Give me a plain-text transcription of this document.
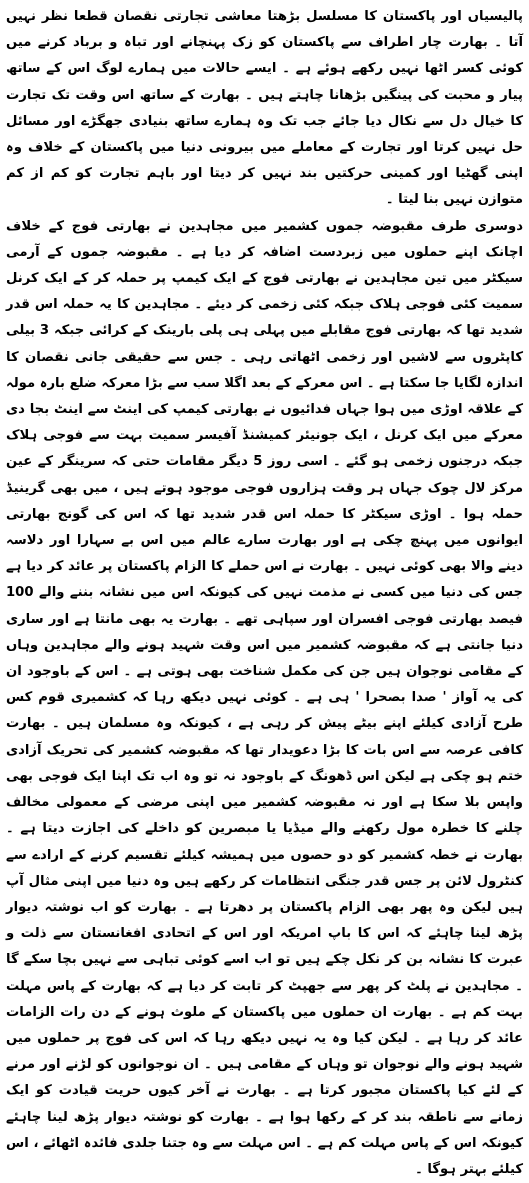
پالیسیاں اور پاکستان کا مسلسل بڑھتا معاشی تجارتی نقصان قطعا نظر نہیں آتا ۔ بھارت چار اطراف سے پاکستان کو زک پہنچانے اور تباہ و برباد کرنے میں کوئی کسر اٹھا نہیں رکھے ہوئے ہے ۔ ایسے حالات میں ہمارے لوگ اس کے ساتھ پیار و محبت کی پینگیں بڑھانا چاہتے ہیں ۔ بھارت کے ساتھ اس وقت تک تجارت کا خیال دل سے نکال دیا جائے جب تک وہ ہمارے ساتھ بنیادی جھگڑے اور مسائل حل نہیں کرتا اور تجارت کے معاملے میں بیرونی دنیا میں پاکستان کے خلاف وہ اپنی گھٹیا اور کمینی حرکتیں بند نہیں کر دیتا اور باہم تجارت کو کم از کم متوازن نہیں بنا لیتا ۔

دوسری طرف مقبوضہ جموں کشمیر میں مجاہدین نے بھارتی فوج کے خلاف اچانک اپنے حملوں میں زبردست اضافہ کر دیا ہے ۔ مقبوضہ جموں کے آرمی سیکٹر میں تین مجاہدین نے بھارتی فوج کے ایک کیمپ پر حملہ کر کے ایک کرنل سمیت کئی فوجی ہلاک جبکہ کئی زخمی کر دیئے ۔ مجاہدین کا یہ حملہ اس قدر شدید تھا کہ بھارتی فوج مقابلے میں پہلی ہی پلی بارینک کے کرائی جبکہ 3 بیلی کاپٹروں سے لاشیں اور زخمی اٹھاتی رہی ۔ جس سے حقیقی جانی نقصان کا اندازہ لگایا جا سکتا ہے ۔ اس معرکے کے بعد اگلا سب سے بڑا معرکہ ضلع بارہ مولہ کے علاقہ اوڑی میں ہوا جہاں فدائیوں نے بھارتی کیمپ کی اینٹ سے اینٹ بجا دی معرکے میں ایک کرنل ، ایک جونیئر کمیشنڈ آفیسر سمیت بہت سے فوجی ہلاک جبکہ درجنوں زخمی ہو گئے ۔ اسی روز 5 دیگر مقامات حتی کہ سرینگر کے عین مرکز لال چوک جہاں ہر وقت ہزاروں فوجی موجود ہوتے ہیں ، میں بھی گرینیڈ حملہ ہوا ۔ اوڑی سیکٹر کا حملہ اس قدر شدید تھا کہ اس کی گونج بھارتی ایوانوں میں پہنچ چکی ہے اور بھارت سارے عالم میں اس بے سہارا اور دلاسہ دینے والا بھی کوئی نہیں ۔ بھارت نے اس حملے کا الزام پاکستان پر عائد کر دیا ہے جس کی دنیا میں کسی نے مذمت نہیں کی کیونکہ اس میں نشانہ بننے والے 100 فیصد بھارتی فوجی افسران اور سپاہی تھے ۔ بھارت یہ بھی مانتا ہے اور ساری دنیا جانتی ہے کہ مقبوضہ کشمیر میں اس وقت شہید ہونے والے مجاہدین وہاں کے مقامی نوجوان ہیں جن کی مکمل شناخت بھی ہوتی ہے ۔ اس کے باوجود ان کی یہ آواز ' صدا بصحرا ' ہی ہے ۔ کوئی نہیں دیکھ رہا کہ کشمیری قوم کس طرح آزادی کیلئے اپنے بیٹے پیش کر رہی ہے ، کیونکہ وہ مسلمان ہیں ۔ بھارت کافی عرصہ سے اس بات کا بڑا دعویدار تھا کہ مقبوضہ کشمیر کی تحریک آزادی ختم ہو چکی ہے لیکن اس ڈھونگ کے باوجود نہ تو وہ اب تک اپنا ایک فوجی بھی واپس بلا سکا ہے اور نہ مقبوضہ کشمیر میں اپنی مرضی کے معمولی مخالف چلنے کا خطرہ مول رکھنے والے میڈیا یا مبصرین کو داخلے کی اجازت دیتا ہے ۔ بھارت نے خطہ کشمیر کو دو حصوں میں ہمیشہ کیلئے تقسیم کرنے کے ارادے سے کنٹرول لائن پر جس قدر جنگی انتظامات کر رکھے ہیں وہ دنیا میں اپنی مثال آپ ہیں لیکن وہ پھر بھی الزام پاکستان پر دھرتا ہے ۔ بھارت کو اب نوشتہ دیوار پڑھ لینا چاہئے کہ اس کا باپ امریکہ اور اس کے اتحادی افغانستان سے ذلت و عبرت کا نشانہ بن کر نکل چکے ہیں تو اب اسے کوئی تباہی سے نہیں بچا سکے گا ۔ مجاہدین نے پلٹ کر پھر سے جھپٹ کر تابت کر دیا ہے کہ بھارت کے پاس مہلت بہت کم ہے ۔ بھارت ان حملوں میں پاکستان کے ملوث ہونے کے دن رات الزامات عائد کر رہا ہے ۔ لیکن کیا وہ یہ نہیں دیکھ رہا کہ اس کی فوج پر حملوں میں شہید ہونے والے نوجوان تو وہاں کے مقامی ہیں ۔ ان نوجوانوں کو لڑنے اور مرنے کے لئے کیا پاکستان مجبور کرتا ہے ۔ بھارت نے آخر کیوں حریت قیادت کو ایک زمانے سے ناطقہ بند کر کے رکھا ہوا ہے ۔ بھارت کو نوشتہ دیوار پڑھ لینا چاہئے کیونکہ اس کے پاس مہلت کم ہے ۔ اس مہلت سے وہ جتنا جلدی فائدہ اٹھائے ، اس کیلئے بہتر ہوگا ۔
